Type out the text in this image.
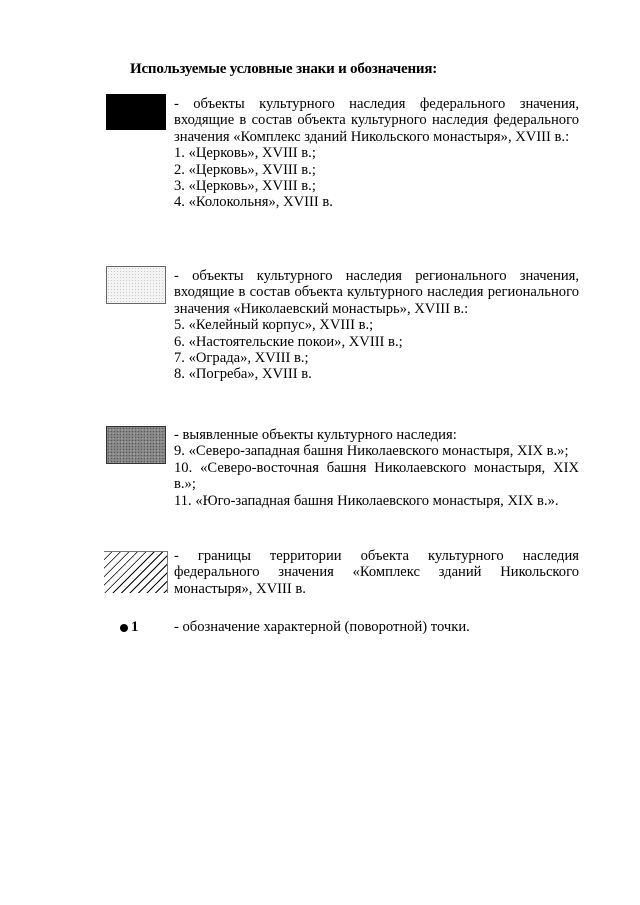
Используемые условные знаки и обозначения:

- объекты культурного наследия федерального значения, входящие в состав объекта культурного наследия федерального значения «Комплекс зданий Никольского монастыря», XVIII в.:

1. «Церковь», XVIII в.;

2. «Церковь», XVIII в.;

3. «Церковь», XVIII в.;

4. «Колокольня», XVIII в.

- объекты культурного наследия регионального значения, входящие в состав объекта культурного наследия регионального значения «Николаевский монастырь», XVIII в.:

5. «Келейный корпус», XVIII в.;

6. «Настоятельские покои», XVIII в.;

7. «Ограда», XVIII в.;

8. «Погреба», XVIII в.

- выявленные объекты культурного наследия:

9. «Северо-западная башня Николаевского монастыря, XIX в.»;

10. «Северо-восточная башня Николаевского монастыря, XIX в.»;

11. «Юго-западная башня Николаевского монастыря, XIX в.».

- границы территории объекта культурного наследия федерального значения «Комплекс зданий Никольского монастыря», XVIII в.

1 - обозначение характерной (поворотной) точки.
